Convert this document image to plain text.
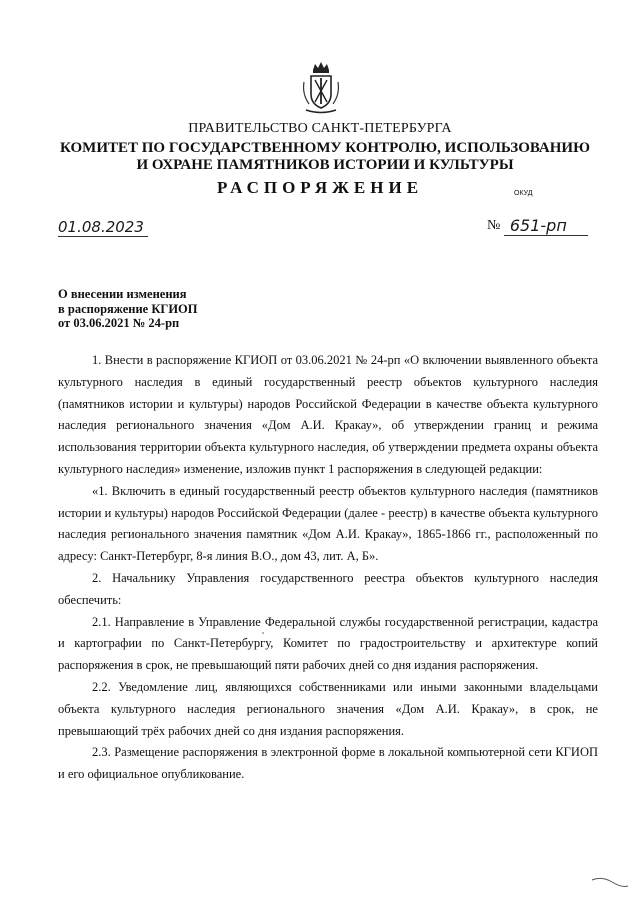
ПРАВИТЕЛЬСТВО САНКТ-ПЕТЕРБУРГА
КОМИТЕТ ПО ГОСУДАРСТВЕННОМУ КОНТРОЛЮ, ИСПОЛЬЗОВАНИЮ
И ОХРАНЕ ПАМЯТНИКОВ ИСТОРИИ И КУЛЬТУРЫ
РАСПОРЯЖЕНИЕ	ОКУД
01.08.2023	№ 651-рп
О внесении изменения
в распоряжение КГИОП
от 03.06.2021 № 24-рп

1. Внести в распоряжение КГИОП от 03.06.2021 № 24-рп «О включении выявленного объекта культурного наследия в единый государственный реестр объектов культурного наследия (памятников истории и культуры) народов Российской Федерации в качестве объекта культурного наследия регионального значения «Дом А.И. Кракау», об утверждении границ и режима использования территории объекта культурного наследия, об утверждении предмета охраны объекта культурного наследия» изменение, изложив пункт 1 распоряжения в следующей редакции:

«1. Включить в единый государственный реестр объектов культурного наследия (памятников истории и культуры) народов Российской Федерации (далее - реестр) в качестве объекта культурного наследия регионального значения памятник «Дом А.И. Кракау», 1865-1866 гг., расположенный по адресу: Санкт-Петербург, 8-я линия В.О., дом 43, лит. А, Б».

2. Начальнику Управления государственного реестра объектов культурного наследия обеспечить:

2.1. Направление в Управление Федеральной службы государственной регистрации, кадастра и картографии по Санкт-Петербургу, Комитет по градостроительству и архитектуре копий распоряжения в срок, не превышающий пяти рабочих дней со дня издания распоряжения.

2.2. Уведомление лиц, являющихся собственниками или иными законными владельцами объекта культурного наследия регионального значения «Дом А.И. Кракау», в срок, не превышающий трёх рабочих дней со дня издания распоряжения.

2.3. Размещение распоряжения в электронной форме в локальной компьютерной сети КГИОП и его официальное опубликование.
